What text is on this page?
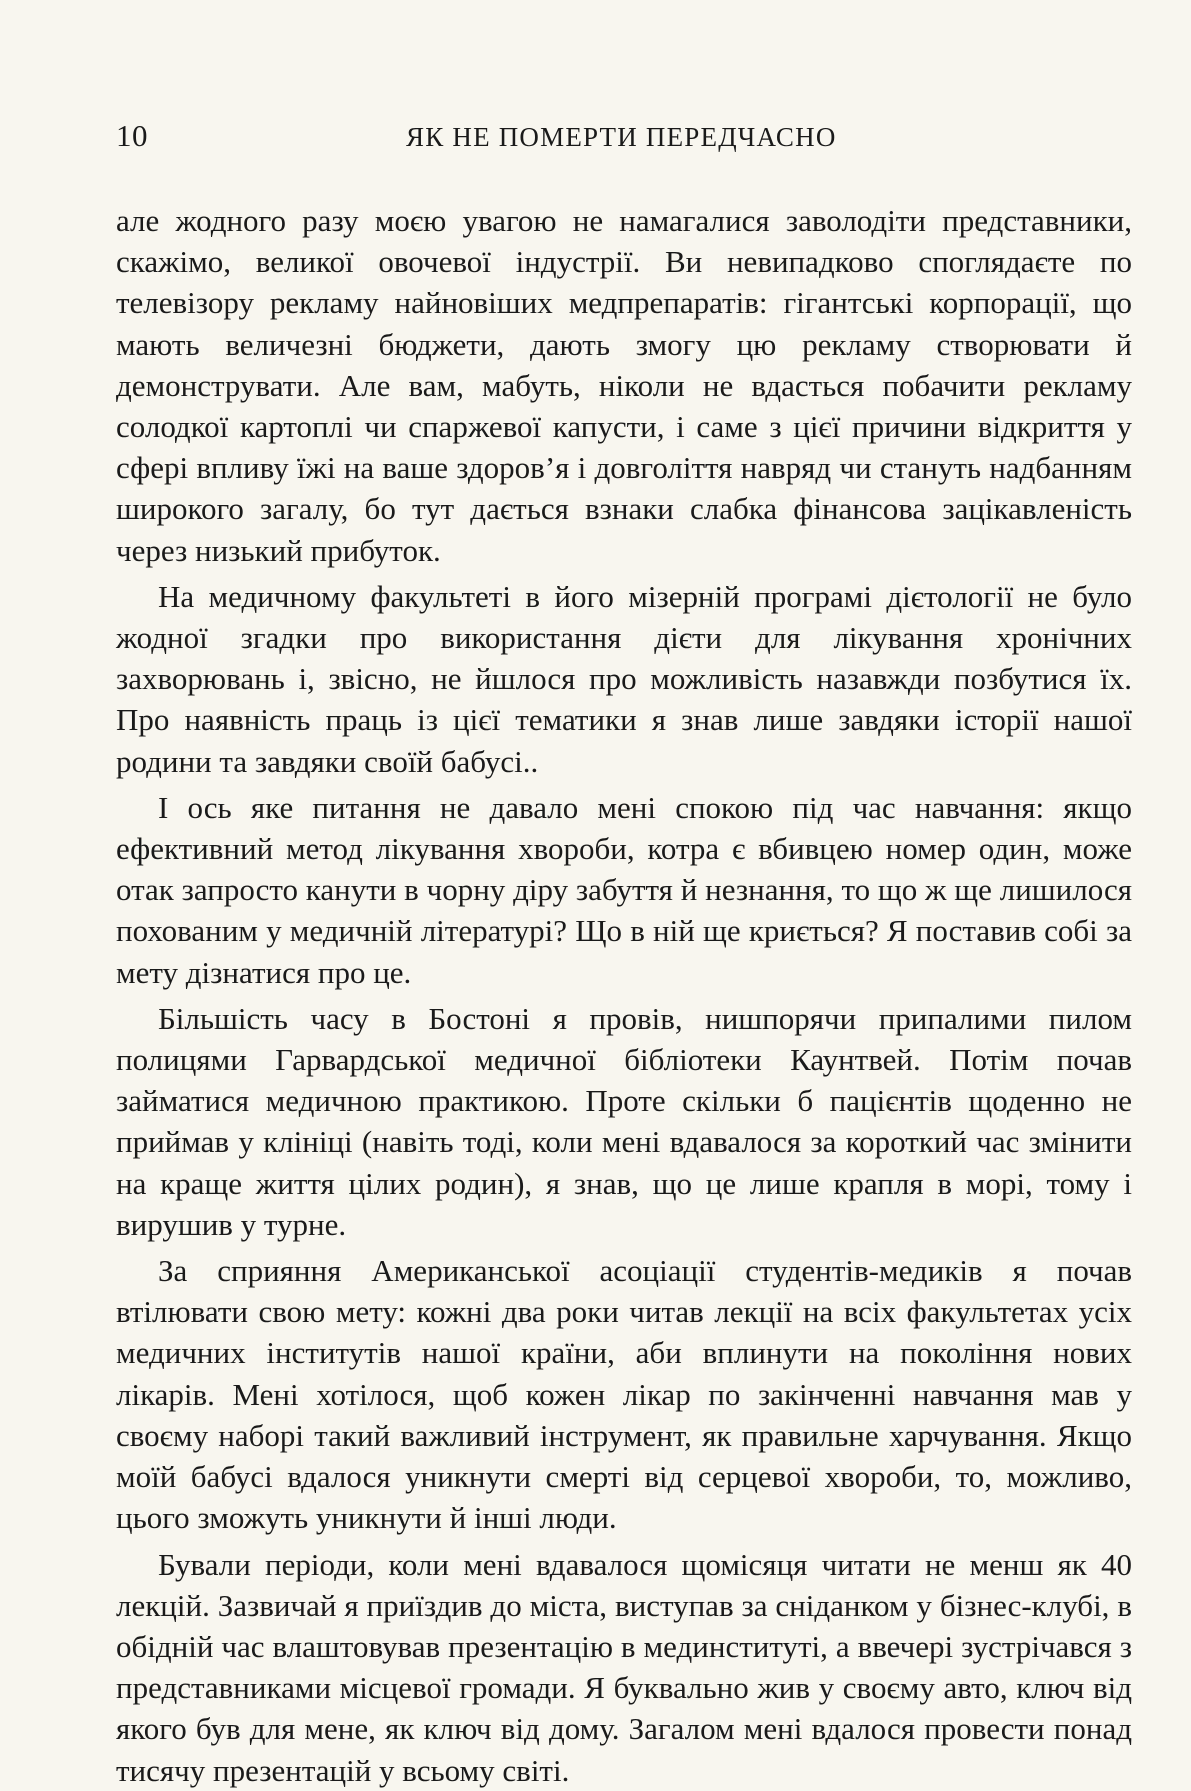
10	ЯК НЕ ПОМЕРТИ ПЕРЕДЧАСНО

але жодного разу моєю увагою не намагалися заволодіти представники, скажімо, великої овочевої індустрії. Ви невипадково споглядаєте по телевізору рекламу найновіших медпрепаратів: гігантські корпорації, що мають величезні бюджети, дають змогу цю рекламу створювати й демонструвати. Але вам, мабуть, ніколи не вдасться побачити рекламу солодкої картоплі чи спаржевої капусти, і саме з цієї причини відкриття у сфері впливу їжі на ваше здоров’я і довголіття навряд чи стануть надбанням широкого загалу, бо тут дається взнаки слабка фінансова зацікавленість через низький прибуток.

На медичному факультеті в його мізерній програмі дієтології не було жодної згадки про використання дієти для лікування хронічних захворювань і, звісно, не йшлося про можливість назавжди позбутися їх. Про наявність праць із цієї тематики я знав лише завдяки історії нашої родини та завдяки своїй бабусі..

І ось яке питання не давало мені спокою під час навчання: якщо ефективний метод лікування хвороби, котра є вбивцею номер один, може отак запросто канути в чорну діру забуття й незнання, то що ж ще лишилося похованим у медичній літературі? Що в ній ще криється? Я поставив собі за мету дізнатися про це.

Більшість часу в Бостоні я провів, нишпорячи припалими пилом полицями Гарвардської медичної бібліотеки Каунтвей. Потім почав займатися медичною практикою. Проте скільки б пацієнтів щоденно не приймав у клініці (навіть тоді, коли мені вдавалося за короткий час змінити на краще життя цілих родин), я знав, що це лише крапля в морі, тому і вирушив у турне.

За сприяння Американської асоціації студентів-медиків я почав втілювати свою мету: кожні два роки читав лекції на всіх факультетах усіх медичних інститутів нашої країни, аби вплинути на покоління нових лікарів. Мені хотілося, щоб кожен лікар по закінченні навчання мав у своєму наборі такий важливий інструмент, як правильне харчування. Якщо моїй бабусі вдалося уникнути смерті від серцевої хвороби, то, можливо, цього зможуть уникнути й інші люди.

Бували періоди, коли мені вдавалося щомісяця читати не менш як 40 лекцій. Зазвичай я приїздив до міста, виступав за сніданком у бізнес-клубі, в обідній час влаштовував презентацію в мединституті, а ввечері зустрічався з представниками місцевої громади. Я буквально жив у своєму авто, ключ від якого був для мене, як ключ від дому. Загалом мені вдалося провести понад тисячу презентацій у всьому світі.
